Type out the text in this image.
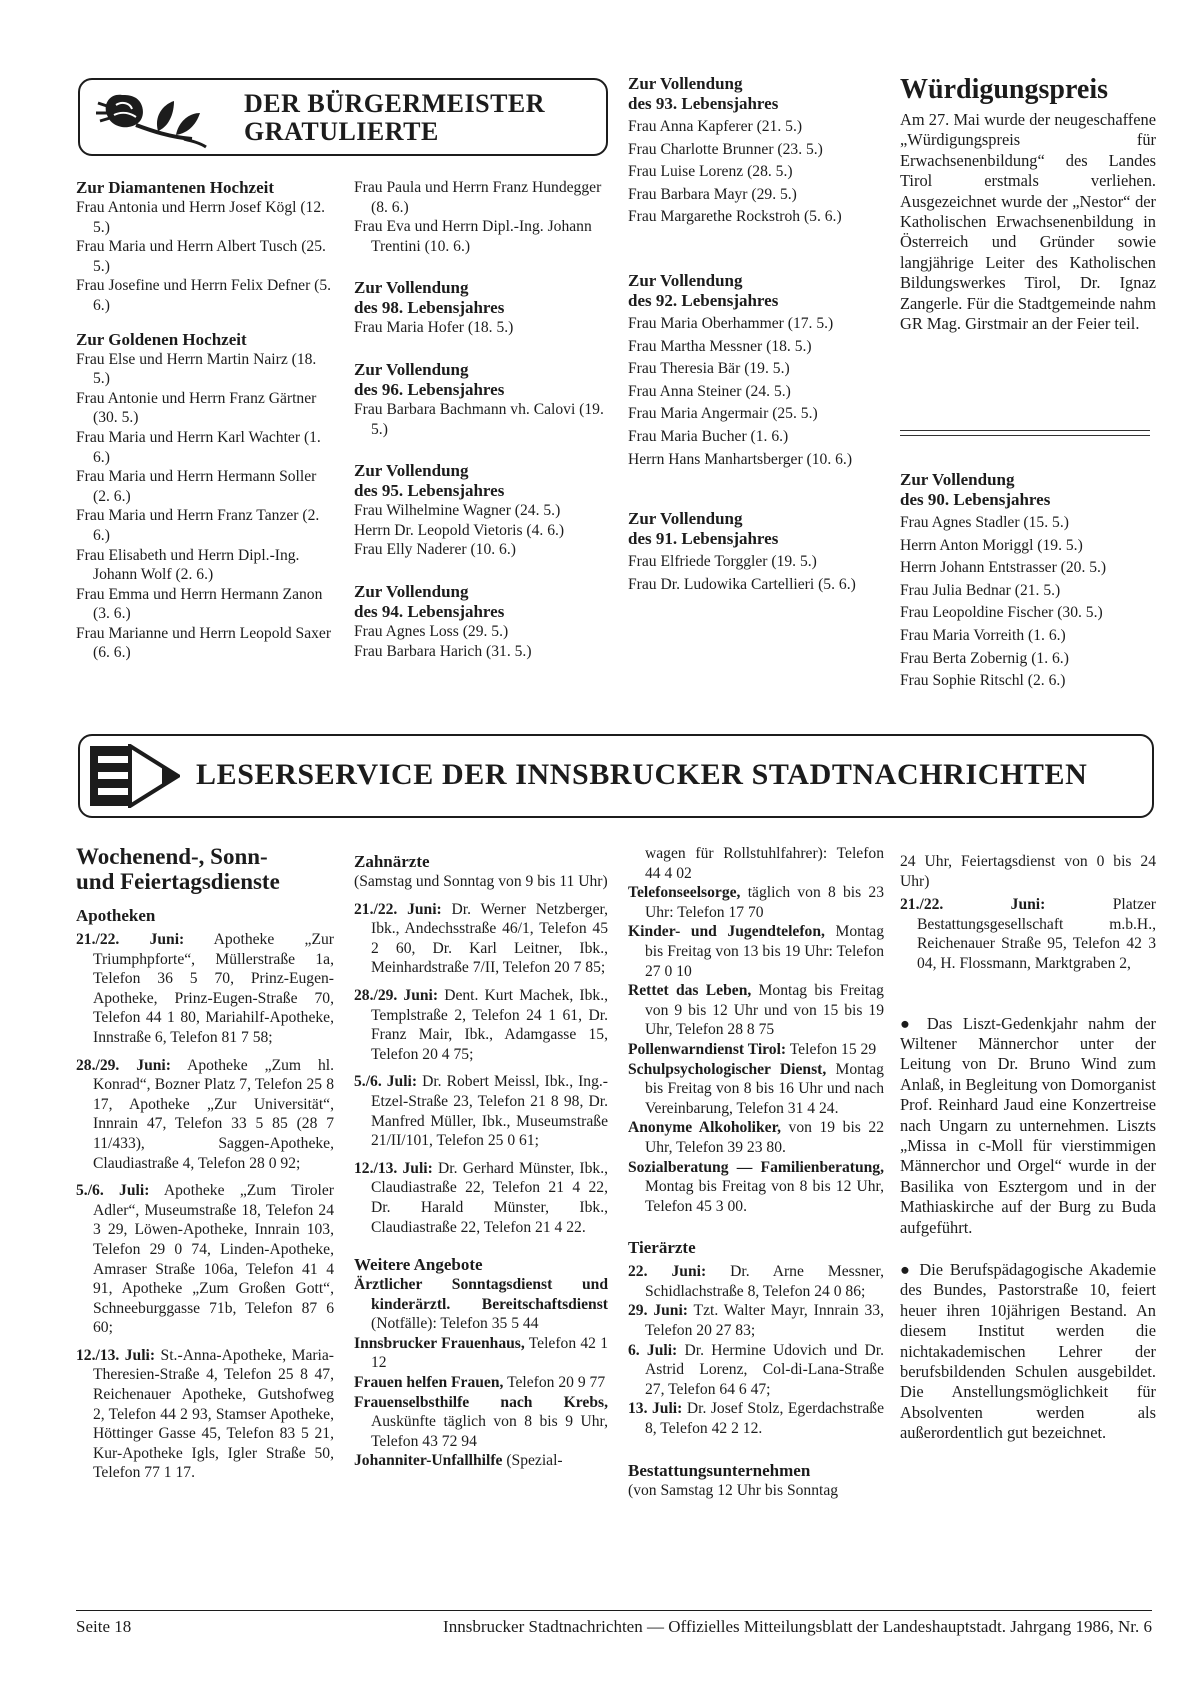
DER BÜRGERMEISTER
GRATULIERTE
Zur Diamantenen Hochzeit
Frau Antonia und Herrn Josef Kögl (12. 5.)
Frau Maria und Herrn Albert Tusch (25. 5.)
Frau Josefine und Herrn Felix Defner (5. 6.)
Zur Goldenen Hochzeit
Frau Else und Herrn Martin Nairz (18. 5.)
Frau Antonie und Herrn Franz Gärtner (30. 5.)
Frau Maria und Herrn Karl Wachter (1. 6.)
Frau Maria und Herrn Hermann Soller (2. 6.)
Frau Maria und Herrn Franz Tanzer (2. 6.)
Frau Elisabeth und Herrn Dipl.-Ing. Johann Wolf (2. 6.)
Frau Emma und Herrn Hermann Zanon (3. 6.)
Frau Marianne und Herrn Leopold Saxer (6. 6.)
Frau Paula und Herrn Franz Hundegger (8. 6.)
Frau Eva und Herrn Dipl.-Ing. Johann Trentini (10. 6.)
Zur Vollendung
des 98. Lebensjahres
Frau Maria Hofer (18. 5.)
Zur Vollendung
des 96. Lebensjahres
Frau Barbara Bachmann vh. Calovi (19. 5.)
Zur Vollendung
des 95. Lebensjahres
Frau Wilhelmine Wagner (24. 5.)
Herrn Dr. Leopold Vietoris (4. 6.)
Frau Elly Naderer (10. 6.)
Zur Vollendung
des 94. Lebensjahres
Frau Agnes Loss (29. 5.)
Frau Barbara Harich (31. 5.)
Zur Vollendung
des 93. Lebensjahres
Frau Anna Kapferer (21. 5.)
Frau Charlotte Brunner (23. 5.)
Frau Luise Lorenz (28. 5.)
Frau Barbara Mayr (29. 5.)
Frau Margarethe Rockstroh (5. 6.)
Zur Vollendung
des 92. Lebensjahres
Frau Maria Oberhammer (17. 5.)
Frau Martha Messner (18. 5.)
Frau Theresia Bär (19. 5.)
Frau Anna Steiner (24. 5.)
Frau Maria Angermair (25. 5.)
Frau Maria Bucher (1. 6.)
Herrn Hans Manhartsberger (10. 6.)
Zur Vollendung
des 91. Lebensjahres
Frau Elfriede Torggler (19. 5.)
Frau Dr. Ludowika Cartellieri (5. 6.)
Würdigungspreis
Am 27. Mai wurde der neugeschaffene „Würdigungspreis für Erwachsenenbildung“ des Landes Tirol erstmals verliehen. Ausgezeichnet wurde der „Nestor“ der Katholischen Erwachsenenbildung in Österreich und Gründer sowie langjährige Leiter des Katholischen Bildungswerkes Tirol, Dr. Ignaz Zangerle. Für die Stadtgemeinde nahm GR Mag. Girstmair an der Feier teil.
Zur Vollendung
des 90. Lebensjahres
Frau Agnes Stadler (15. 5.)
Herrn Anton Moriggl (19. 5.)
Herrn Johann Entstrasser (20. 5.)
Frau Julia Bednar (21. 5.)
Frau Leopoldine Fischer (30. 5.)
Frau Maria Vorreith (1. 6.)
Frau Berta Zobernig (1. 6.)
Frau Sophie Ritschl (2. 6.)
LESERSERVICE DER INNSBRUCKER STADTNACHRICHTEN
Wochenend-, Sonn-
und Feiertagsdienste
Apotheken
21./22. Juni: Apotheke „Zur Triumphpforte“, Müllerstraße 1a, Telefon 36 5 70, Prinz-Eugen-Apotheke, Prinz-Eugen-Straße 70, Telefon 44 1 80, Mariahilf-Apotheke, Innstraße 6, Telefon 81 7 58;
28./29. Juni: Apotheke „Zum hl. Konrad“, Bozner Platz 7, Telefon 25 8 17, Apotheke „Zur Universität“, Innrain 47, Telefon 33 5 85 (28 7 11/433), Saggen-Apotheke, Claudiastraße 4, Telefon 28 0 92;
5./6. Juli: Apotheke „Zum Tiroler Adler“, Museumstraße 18, Telefon 24 3 29, Löwen-Apotheke, Innrain 103, Telefon 29 0 74, Linden-Apotheke, Amraser Straße 106a, Telefon 41 4 91, Apotheke „Zum Großen Gott“, Schneeburggasse 71b, Telefon 87 6 60;
12./13. Juli: St.-Anna-Apotheke, Maria-Theresien-Straße 4, Telefon 25 8 47, Reichenauer Apotheke, Gutshofweg 2, Telefon 44 2 93, Stamser Apotheke, Höttinger Gasse 45, Telefon 83 5 21, Kur-Apotheke Igls, Igler Straße 50, Telefon 77 1 17.
Zahnärzte
(Samstag und Sonntag von 9 bis 11 Uhr)
21./22. Juni: Dr. Werner Netzberger, Ibk., Andechsstraße 46/1, Telefon 45 2 60, Dr. Karl Leitner, Ibk., Meinhardstraße 7/II, Telefon 20 7 85;
28./29. Juni: Dent. Kurt Machek, Ibk., Templstraße 2, Telefon 24 1 61, Dr. Franz Mair, Ibk., Adamgasse 15, Telefon 20 4 75;
5./6. Juli: Dr. Robert Meissl, Ibk., Ing.-Etzel-Straße 23, Telefon 21 8 98, Dr. Manfred Müller, Ibk., Museumstraße 21/II/101, Telefon 25 0 61;
12./13. Juli: Dr. Gerhard Münster, Ibk., Claudiastraße 22, Telefon 21 4 22, Dr. Harald Münster, Ibk., Claudiastraße 22, Telefon 21 4 22.
Weitere Angebote
Ärztlicher Sonntagsdienst und kinderärztl. Bereitschaftsdienst (Notfälle): Telefon 35 5 44
Innsbrucker Frauenhaus, Telefon 42 1 12
Frauen helfen Frauen, Telefon 20 9 77
Frauenselbsthilfe nach Krebs, Auskünfte täglich von 8 bis 9 Uhr, Telefon 43 72 94
Johanniter-Unfallhilfe (Spezial-
wagen für Rollstuhlfahrer): Telefon 44 4 02
Telefonseelsorge, täglich von 8 bis 23 Uhr: Telefon 17 70
Kinder- und Jugendtelefon, Montag bis Freitag von 13 bis 19 Uhr: Telefon 27 0 10
Rettet das Leben, Montag bis Freitag von 9 bis 12 Uhr und von 15 bis 19 Uhr, Telefon 28 8 75
Pollenwarndienst Tirol: Telefon 15 29
Schulpsychologischer Dienst, Montag bis Freitag von 8 bis 16 Uhr und nach Vereinbarung, Telefon 31 4 24.
Anonyme Alkoholiker, von 19 bis 22 Uhr, Telefon 39 23 80.
Sozialberatung — Familienberatung, Montag bis Freitag von 8 bis 12 Uhr, Telefon 45 3 00.
Tierärzte
22. Juni: Dr. Arne Messner, Schidlachstraße 8, Telefon 24 0 86;
29. Juni: Tzt. Walter Mayr, Innrain 33, Telefon 20 27 83;
6. Juli: Dr. Hermine Udovich und Dr. Astrid Lorenz, Col-di-Lana-Straße 27, Telefon 64 6 47;
13. Juli: Dr. Josef Stolz, Egerdachstraße 8, Telefon 42 2 12.
Bestattungsunternehmen
(von Samstag 12 Uhr bis Sonntag
24 Uhr, Feiertagsdienst von 0 bis 24 Uhr)
21./22. Juni:	Platzer Bestattungsgesellschaft m.b.H., Reichenauer Straße 95, Telefon 42 3 04, H. Flossmann, Marktgraben 2,
● Das Liszt-Gedenkjahr nahm der Wiltener Männerchor unter der Leitung von Dr. Bruno Wind zum Anlaß, in Begleitung von Domorganist Prof. Reinhard Jaud eine Konzertreise nach Ungarn zu unternehmen. Liszts „Missa in c-Moll für vierstimmigen Männerchor und Orgel“ wurde in der Basilika von Esztergom und in der Mathiaskirche auf der Burg zu Buda aufgeführt.
● Die Berufspädagogische Akademie des Bundes, Pastorstraße 10, feiert heuer ihren 10jährigen Bestand. An diesem Institut werden die nichtakademischen Lehrer der berufsbildenden Schulen ausgebildet. Die Anstellungsmöglichkeit für Absolventen werden als außerordentlich gut bezeichnet.
Seite 18	Innsbrucker Stadtnachrichten — Offizielles Mitteilungsblatt der Landeshauptstadt. Jahrgang 1986, Nr. 6
